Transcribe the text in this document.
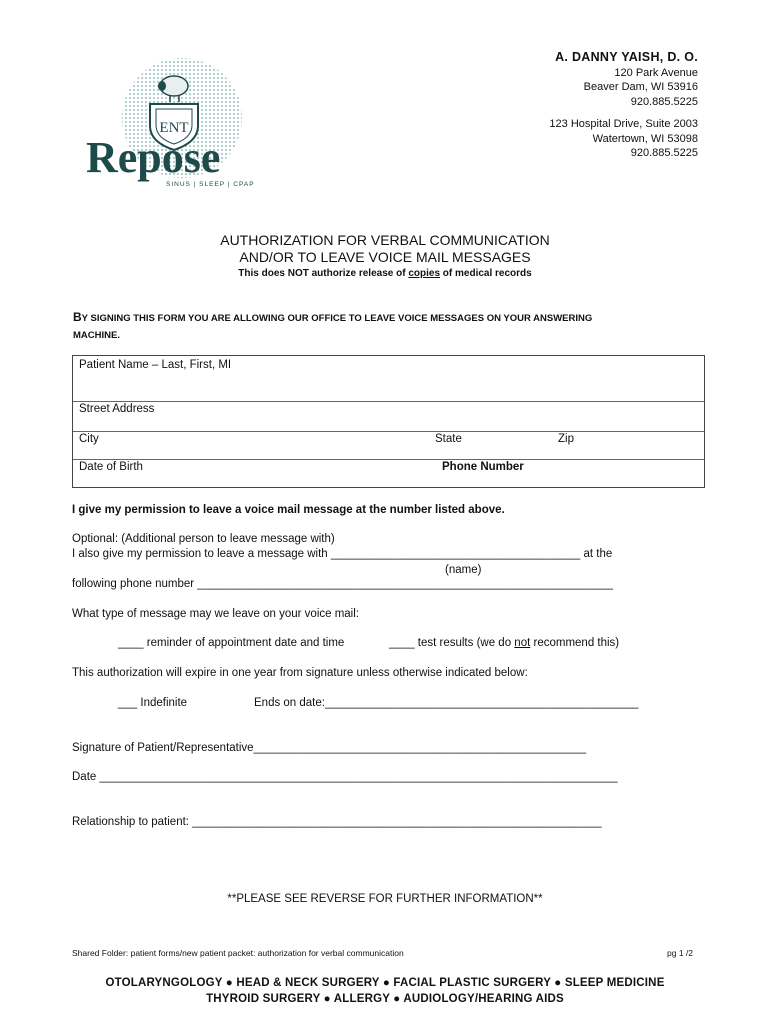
ENT
Repose
SINUS | SLEEP | CPAP
A. DANNY YAISH, D. O.
120 Park Avenue
Beaver Dam, WI 53916
920.885.5225
123 Hospital Drive, Suite 2003
Watertown, WI 53098
920.885.5225
AUTHORIZATION FOR VERBAL COMMUNICATION
AND/OR TO LEAVE VOICE MAIL MESSAGES
This does NOT authorize release of copies of medical records
BY SIGNING THIS FORM YOU ARE ALLOWING OUR OFFICE TO LEAVE VOICE MESSAGES ON YOUR ANSWERING
MACHINE.
Patient Name – Last, First, MI
Street Address
City	State	Zip
Date of Birth	Phone Number
I give my permission to leave a voice mail message at the number listed above.
Optional: (Additional person to leave message with)
I also give my permission to leave a message with _______________________________________ at the
(name)
following phone number _________________________________________________________________
What type of message may we leave on your voice mail:
____ reminder of appointment date and time	____ test results (we do not recommend this)
This authorization will expire in one year from signature unless otherwise indicated below:
___ Indefinite	Ends on date:_________________________________________________
Signature of Patient/Representative____________________________________________________
Date _________________________________________________________________________________
Relationship to patient: ________________________________________________________________
**PLEASE SEE REVERSE FOR FURTHER INFORMATION**
Shared Folder: patient forms/new patient packet: authorization for verbal communication	pg 1 /2
OTOLARYNGOLOGY ● HEAD & NECK SURGERY ● FACIAL PLASTIC SURGERY ● SLEEP MEDICINE
THYROID SURGERY ● ALLERGY ● AUDIOLOGY/HEARING AIDS
